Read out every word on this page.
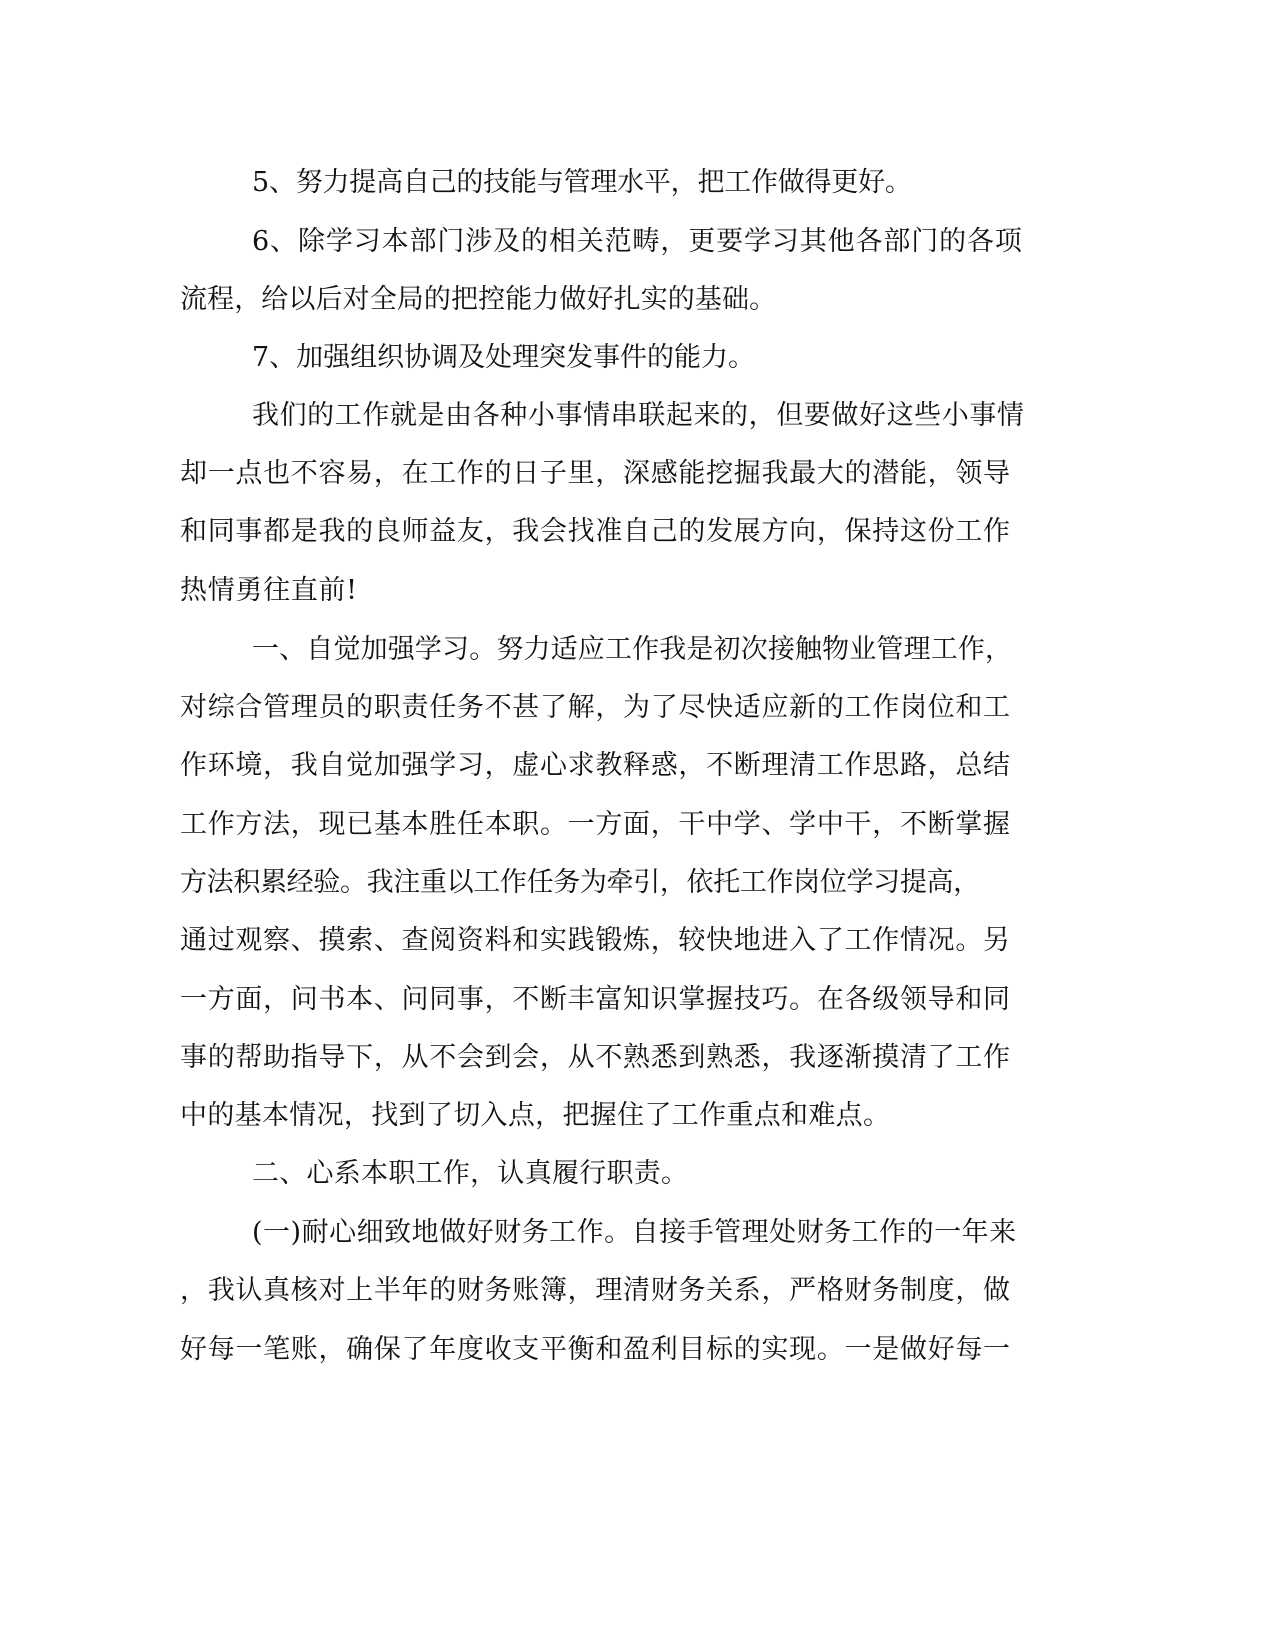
5、努力提高自己的技能与管理水平，把工作做得更好。

6、除学习本部门涉及的相关范畴，更要学习其他各部门的各项

流程，给以后对全局的把控能力做好扎实的基础。

7、加强组织协调及处理突发事件的能力。

我们的工作就是由各种小事情串联起来的，但要做好这些小事情

却一点也不容易，在工作的日子里，深感能挖掘我最大的潜能，领导

和同事都是我的良师益友，我会找准自己的发展方向，保持这份工作

热情勇往直前!

一、自觉加强学习。努力适应工作我是初次接触物业管理工作，

对综合管理员的职责任务不甚了解，为了尽快适应新的工作岗位和工

作环境，我自觉加强学习，虚心求教释惑，不断理清工作思路，总结

工作方法，现已基本胜任本职。一方面，干中学、学中干，不断掌握

方法积累经验。我注重以工作任务为牵引，依托工作岗位学习提高，

通过观察、摸索、查阅资料和实践锻炼，较快地进入了工作情况。另

一方面，问书本、问同事，不断丰富知识掌握技巧。在各级领导和同

事的帮助指导下，从不会到会，从不熟悉到熟悉，我逐渐摸清了工作

中的基本情况，找到了切入点，把握住了工作重点和难点。

二、心系本职工作，认真履行职责。

(一)耐心细致地做好财务工作。自接手管理处财务工作的一年来

，我认真核对上半年的财务账簿，理清财务关系，严格财务制度，做

好每一笔账，确保了年度收支平衡和盈利目标的实现。一是做好每一
